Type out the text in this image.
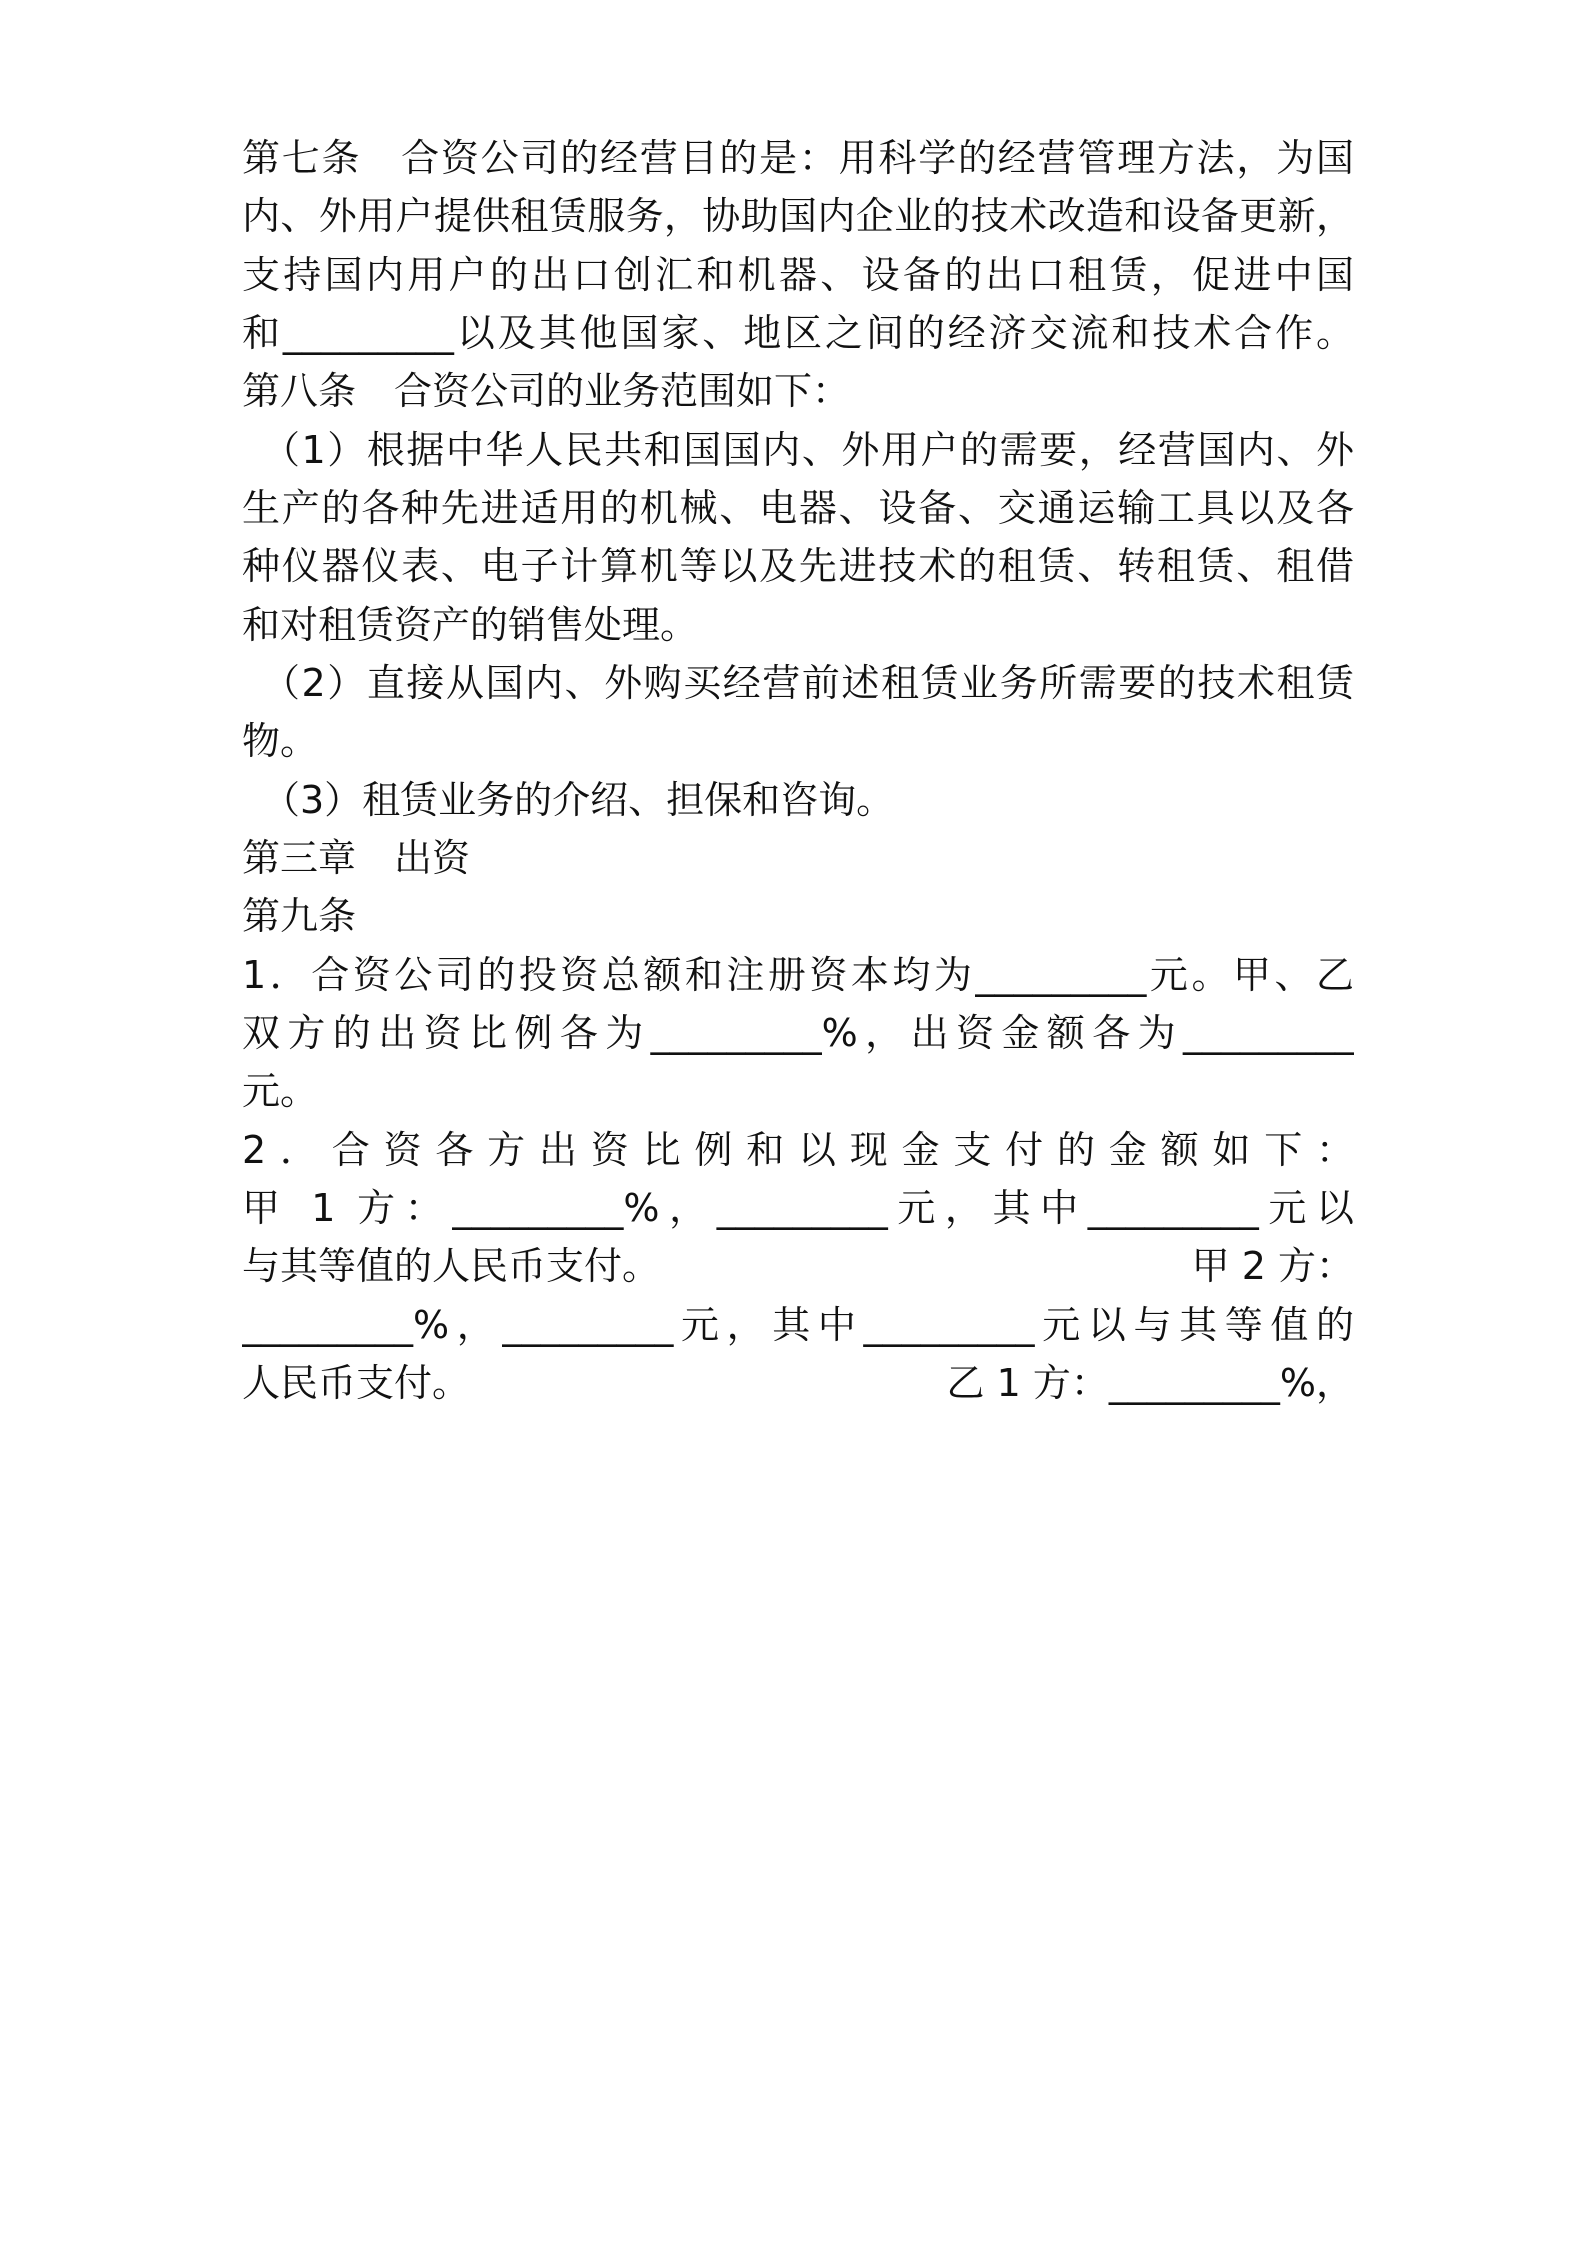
第七条　合资公司的经营目的是：用科学的经营管理方法，为国
内、外用户提供租赁服务，协助国内企业的技术改造和设备更新，
支持国内用户的出口创汇和机器、设备的出口租赁，促进中国
和_________以及其他国家、地区之间的经济交流和技术合作。
第八条　合资公司的业务范围如下：
（1）根据中华人民共和国国内、外用户的需要，经营国内、外
生产的各种先进适用的机械、电器、设备、交通运输工具以及各
种仪器仪表、电子计算机等以及先进技术的租赁、转租赁、租借
和对租赁资产的销售处理。
（2）直接从国内、外购买经营前述租赁业务所需要的技术租赁
物。
（3）租赁业务的介绍、担保和咨询。
第三章　出资
第九条
1．合资公司的投资总额和注册资本均为_________元。甲、乙
双方的出资比例各为_________%，出资金额各为_________
元。
2．合资各方出资比例和以现金支付的金额如下：
甲 1 方：_________%，_________元，其中_________元以
与其等值的人民币支付。	甲 2 方：
_________%，_________元，其中_________元以与其等值的
人民币支付。	乙 1 方：_________%，
